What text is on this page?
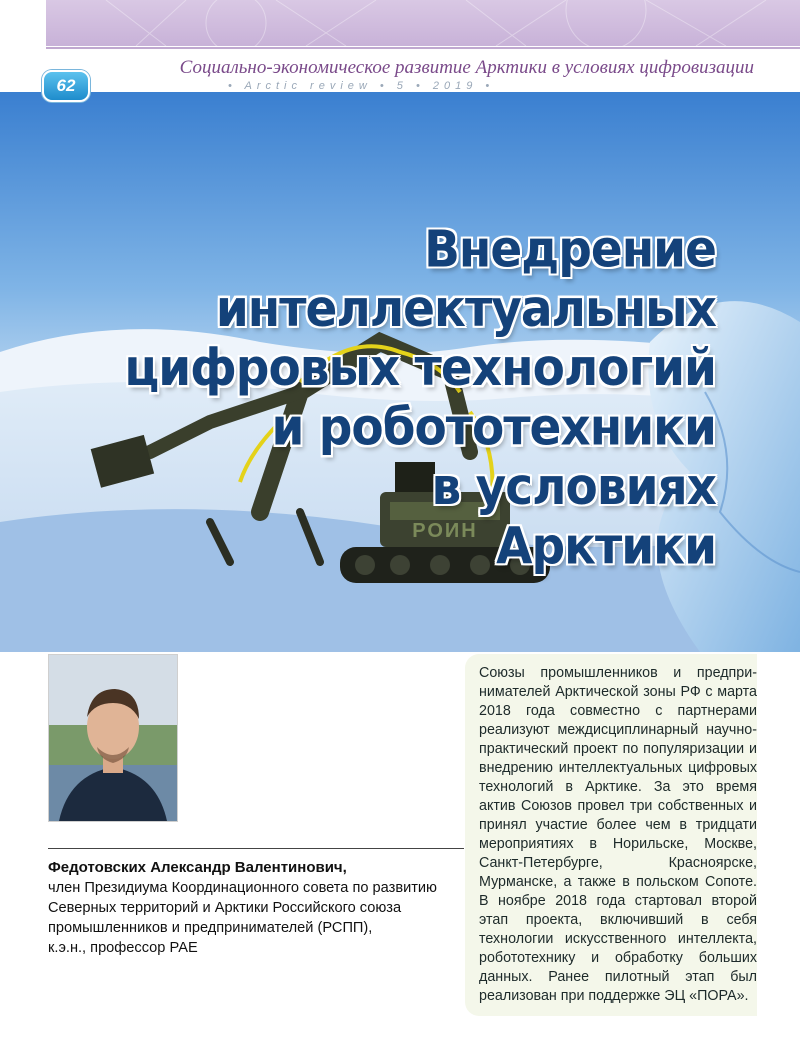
Социально-экономическое развитие Арктики в условиях цифровизации
• Arctic review • 5 • 2019 •
РОИН
Внедрение
интеллектуальных
цифровых технологий
и робототехники
в условиях
Арктики
62

Союзы промышленников и предпринимателей Арктической зоны РФ с марта 2018 года совместно с партнерами реализуют междисциплинарный научно-практический проект по популяризации и внедрению интеллектуальных цифровых технологий в Арктике. За это время актив Союзов провел три собственных и принял участие более чем в тридцати мероприятиях в Норильске, Москве, Санкт-Петербурге, Красноярске, Мурманске, а также в польском Сопоте. В ноябре 2018 года стартовал второй этап проекта, включивший в себя технологии искусственного интеллекта, робототехнику и обработку больших данных. Ранее пилотный этап был реализован при поддержке ЭЦ «ПОРА».

Федотовских Александр Валентинович,

член Президиума Координационного совета по развитию

Северных территорий и Арктики Российского союза

промышленников и предпринимателей (РСПП),

к.э.н., профессор РАЕ
